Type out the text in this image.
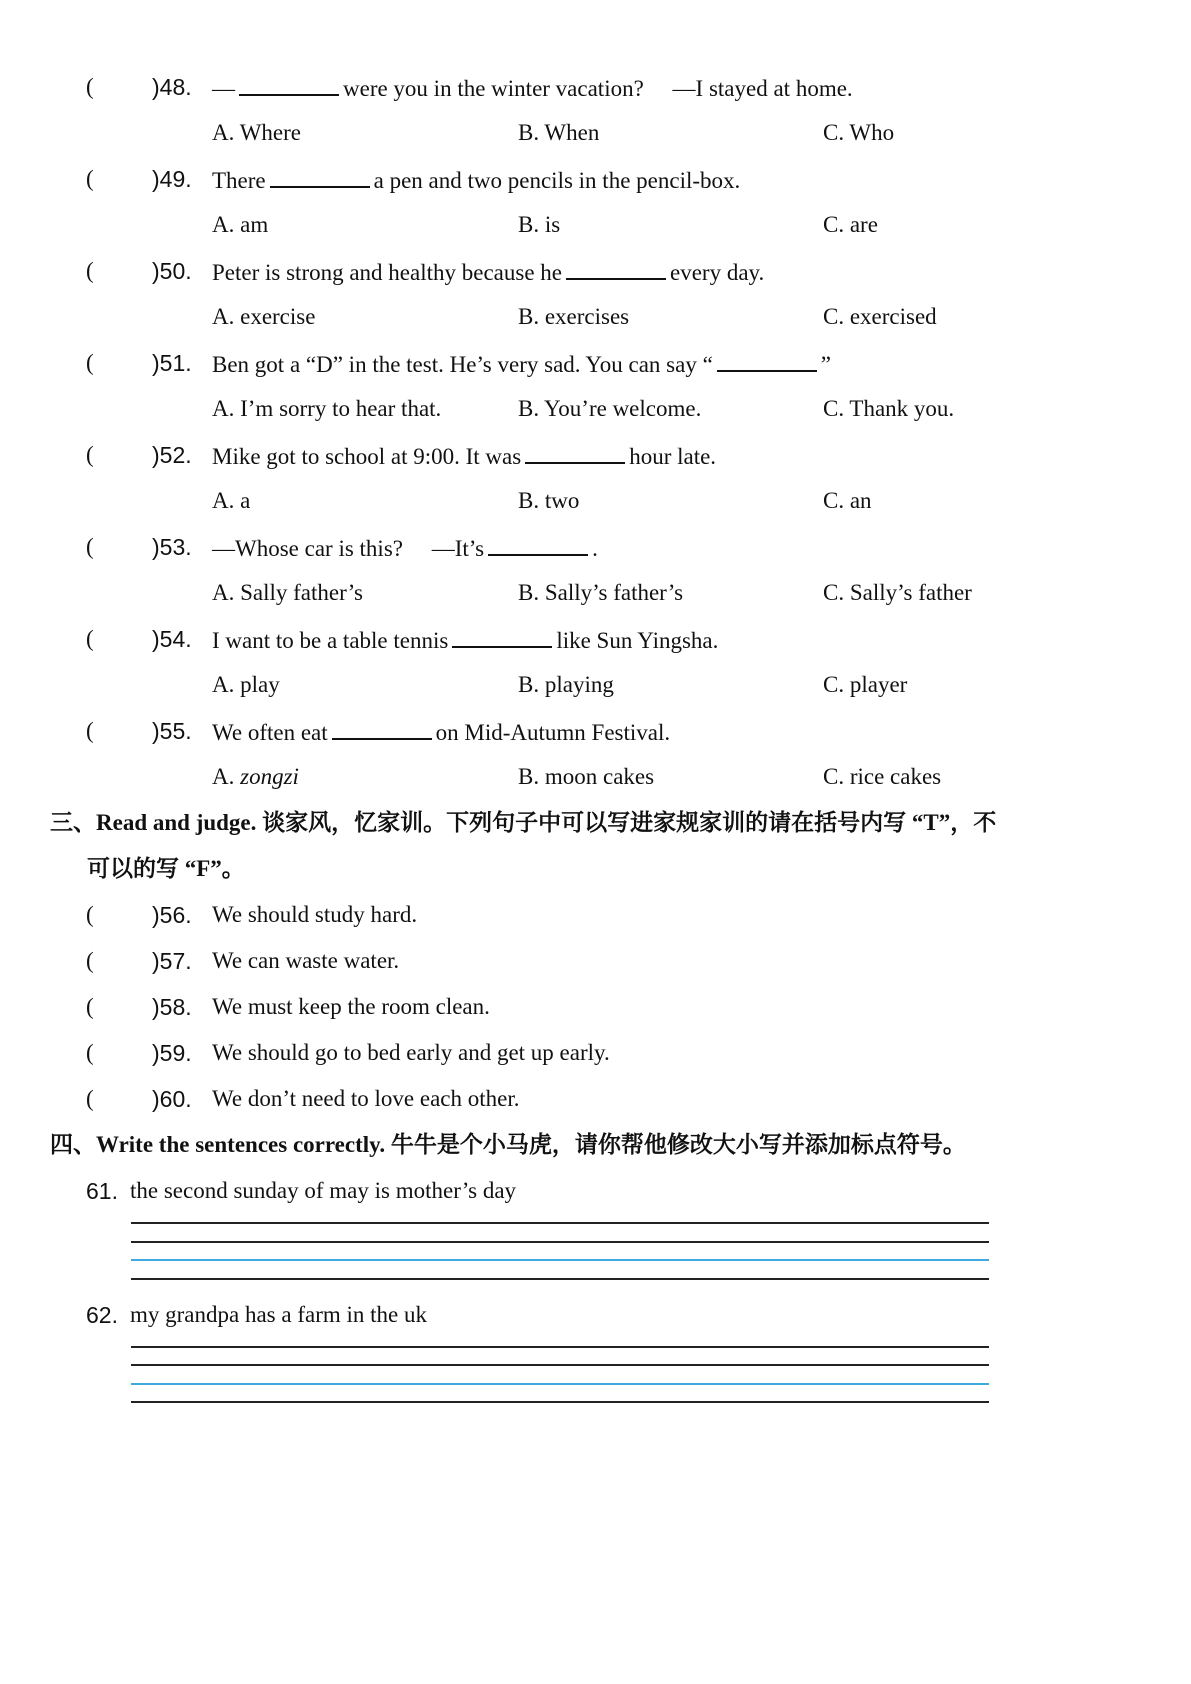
(	)48. —	were you in the winter vacation?　 —I stayed at home.
A. Where	B. When	C. Who
(	)49. There	a pen and two pencils in the pencil-box.
A. am	B. is	C. are
(	)50. Peter is strong and healthy because he	every day.
A. exercise	B. exercises	C. exercised
(	)51. Ben got a “D” in the test. He’s very sad. You can say “	”
A. I’m sorry to hear that.	B. You’re welcome.	C. Thank you.
(	)52. Mike got to school at 9:00. It was	hour late.
A. a	B. two	C. an
(	)53. —Whose car is this?　 —It’s	.
A. Sally father’s	B. Sally’s father’s	C. Sally’s father
(	)54. I want to be a table tennis	like Sun Yingsha.
A. play	B. playing	C. player
(	)55. We often eat	on Mid-Autumn Festival.
A. zongzi	B. moon cakes	C. rice cakes
三、Read and judge. 谈家风，忆家训。下列句子中可以写进家规家训的请在括号内写 “T”，不
可以的写 “F”。
(	)56. We should study hard.
(	)57. We can waste water.
(	)58. We must keep the room clean.
(	)59. We should go to bed early and get up early.
(	)60. We don’t need to love each other.
四、Write the sentences correctly. 牛牛是个小马虎，请你帮他修改大小写并添加标点符号。
61. the second sunday of may is mother’s day
62. my grandpa has a farm in the uk
